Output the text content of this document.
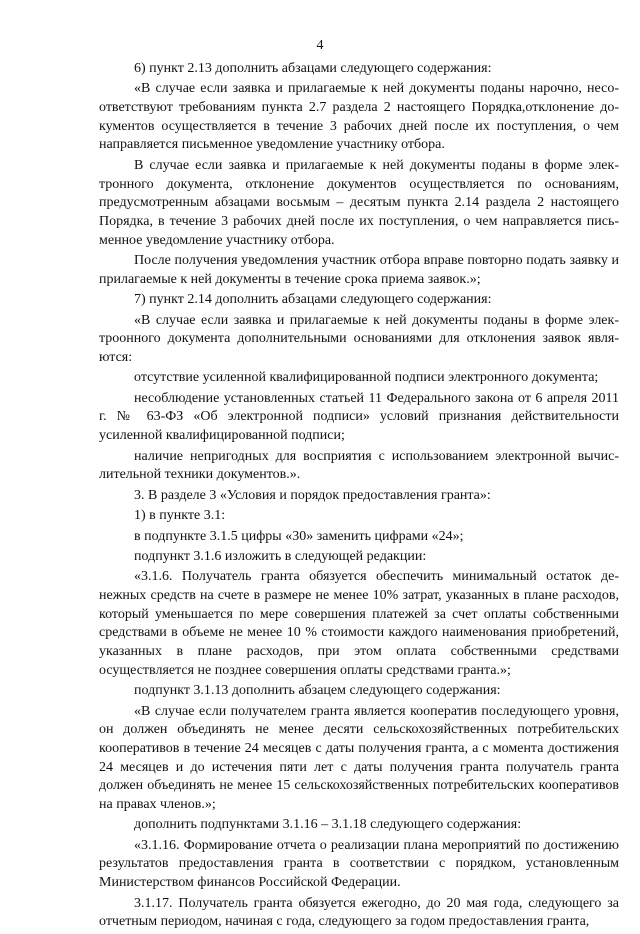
4

6) пункт 2.13 дополнить абзацами следующего содержания:

«В случае если заявка и прилагаемые к ней документы поданы нарочно, несоответствуют требованиям пункта 2.7 раздела 2 настоящего Порядка,отклонение документов осуществляется в течение 3 рабочих дней после их поступления, о чем направляется письменное уведомление участнику отбора.

В случае если заявка и прилагаемые к ней документы поданы в форме электронного документа, отклонение документов осуществляется по основаниям, предусмотренным абзацами восьмым – десятым пункта 2.14 раздела 2 настоящего Порядка, в течение 3 рабочих дней после их поступления, о чем направляется письменное уведомление участнику отбора.

После получения уведомления участник отбора вправе повторно подать заявку и прилагаемые к ней документы в течение срока приема заявок.»;

7) пункт 2.14 дополнить абзацами следующего содержания:

«В случае если заявка и прилагаемые к ней документы поданы в форме электроонного документа дополнительными основаниями для отклонения заявок являются:

отсутствие усиленной квалифицированной подписи электронного документа;

несоблюдение установленных статьей 11 Федерального закона от 6 апреля 2011 г. № 63-ФЗ «Об электронной подписи» условий признания действительности усиленной квалифицированной подписи;

наличие непригодных для восприятия с использованием электронной вычислительной техники документов.».

3. В разделе 3 «Условия и порядок предоставления гранта»:

1) в пункте 3.1:

в подпункте 3.1.5 цифры «30» заменить цифрами «24»;

подпункт 3.1.6 изложить в следующей редакции:

«3.1.6. Получатель гранта обязуется обеспечить минимальный остаток денежных средств на счете в размере не менее 10% затрат, указанных в плане расходов, который уменьшается по мере совершения платежей за счет оплаты собственными средствами в объеме не менее 10 % стоимости каждого наименования приобретений, указанных в плане расходов, при этом оплата собственными средствами осуществляется не позднее совершения оплаты средствами гранта.»;

подпункт 3.1.13 дополнить абзацем следующего содержания:

«В случае если получателем гранта является кооператив последующего уровня, он должен объединять не менее десяти сельскохозяйственных потребительских кооперативов в течение 24 месяцев с даты получения гранта, а с момента достижения 24 месяцев и до истечения пяти лет с даты получения гранта получатель гранта должен объединять не менее 15 сельскохозяйственных потребительских кооперативов на правах членов.»;

дополнить подпунктами 3.1.16 – 3.1.18 следующего содержания:

«3.1.16. Формирование отчета о реализации плана мероприятий по достижению результатов предоставления гранта в соответствии с порядком, установленным Министерством финансов Российской Федерации.

3.1.17. Получатель гранта обязуется ежегодно, до 20 мая года, следующего за отчетным периодом, начиная с года, следующего за годом предоставления гранта,
